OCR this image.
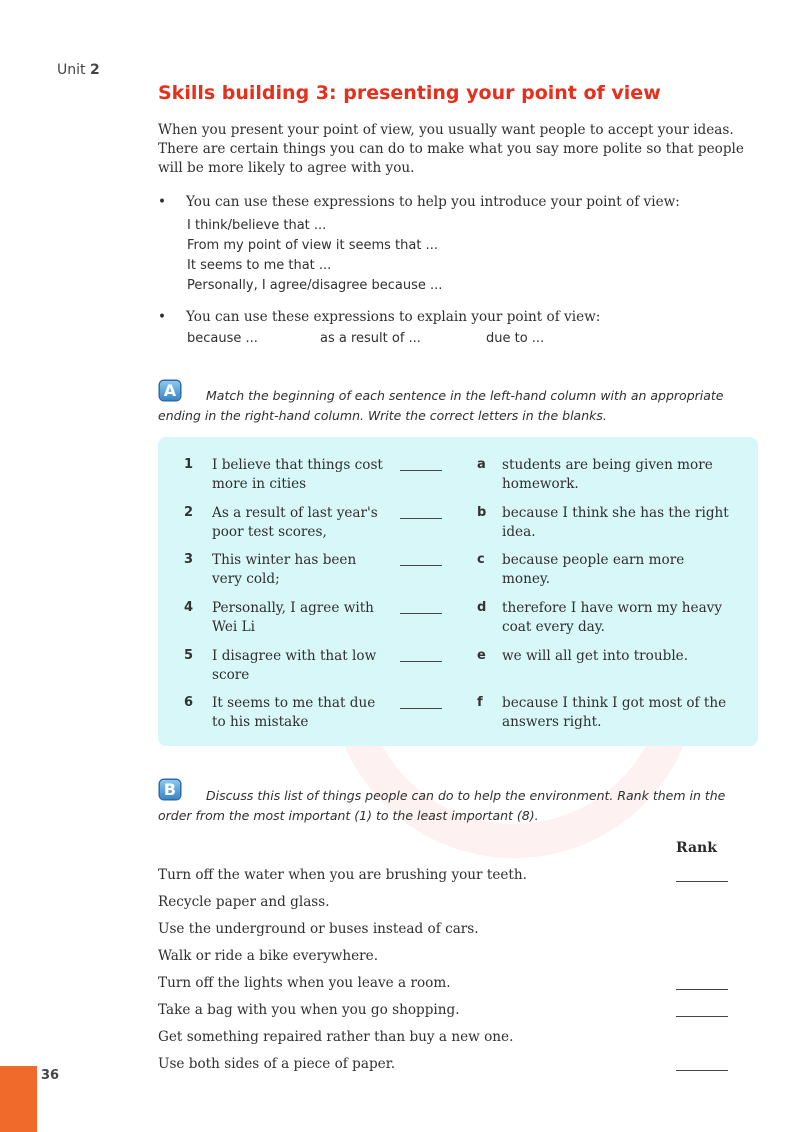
Unit 2
Skills building 3: presenting your point of view

When you present your point of view, you usually want people to accept your ideas. There are certain things you can do to make what you say more polite so that people will be more likely to agree with you.

• You can use these expressions to help you introduce your point of view:
I think/believe that ...
From my point of view it seems that ...
It seems to me that ...
Personally, I agree/disagree because ...
• You can use these expressions to explain your point of view:
because ...	as a result of ...	due to ...
A	Match the beginning of each sentence in the left-hand column with an appropriate ending in the right-hand column. Write the correct letters in the blanks.

1 I believe that things cost
more in cities
a students are being given more
homework.
2 As a result of last year's
poor test scores,
b because I think she has the right
idea.
3 This winter has been
very cold;
c because people earn more
money.
4 Personally, I agree with
Wei Li
d therefore I have worn my heavy
coat every day.
5 I disagree with that low
score
e we will all get into trouble.
6 It seems to me that due
to his mistake
f because I think I got most of the
answers right.
B	Discuss this list of things people can do to help the environment. Rank them in the order from the most important (1) to the least important (8).

Rank
Turn off the water when you are brushing your teeth.
Recycle paper and glass.
Use the underground or buses instead of cars.
Walk or ride a bike everywhere.
Turn off the lights when you leave a room.
Take a bag with you when you go shopping.
Get something repaired rather than buy a new one.
Use both sides of a piece of paper.
36
